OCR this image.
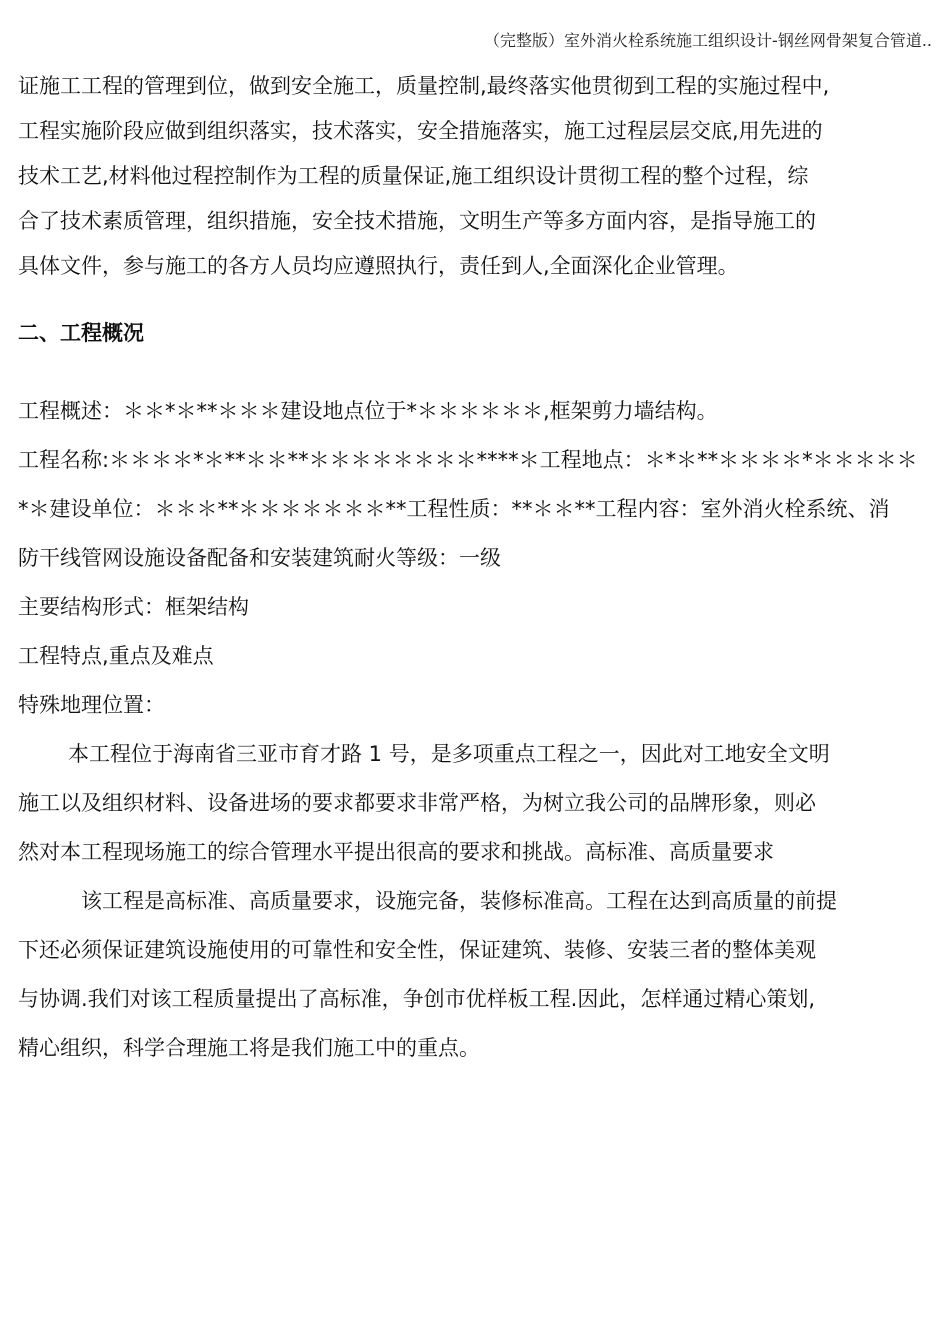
（完整版）室外消火栓系统施工组织设计-钢丝网骨架复合管道..
证施工工程的管理到位，做到安全施工，质量控制,最终落实他贯彻到工程的实施过程中,
工程实施阶段应做到组织落实，技术落实，安全措施落实，施工过程层层交底,用先进的
技术工艺,材料他过程控制作为工程的质量保证,施工组织设计贯彻工程的整个过程，综
合了技术素质管理，组织措施，安全技术措施，文明生产等多方面内容，是指导施工的
具体文件，参与施工的各方人员均应遵照执行，责任到人,全面深化企业管理。
二、工程概况
工程概述：＊＊*＊**＊＊＊建设地点位于*＊＊＊＊＊＊,框架剪力墙结构。
工程名称:＊＊＊＊*＊**＊＊**＊＊＊＊＊＊＊＊****＊工程地点：＊*＊**＊＊＊＊*＊＊＊＊＊
*＊建设单位：＊＊＊**＊＊＊＊＊＊＊**工程性质：**＊＊**工程内容：室外消火栓系统、消
防干线管网设施设备配备和安装建筑耐火等级：一级
主要结构形式：框架结构
工程特点,重点及难点
特殊地理位置：
本工程位于海南省三亚市育才路 1 号，是多项重点工程之一，因此对工地安全文明
施工以及组织材料、设备进场的要求都要求非常严格，为树立我公司的品牌形象，则必
然对本工程现场施工的综合管理水平提出很高的要求和挑战。高标准、高质量要求
该工程是高标准、高质量要求，设施完备，装修标准高。工程在达到高质量的前提
下还必须保证建筑设施使用的可靠性和安全性，保证建筑、装修、安装三者的整体美观
与协调.我们对该工程质量提出了高标准，争创市优样板工程.因此，怎样通过精心策划,
精心组织，科学合理施工将是我们施工中的重点。
